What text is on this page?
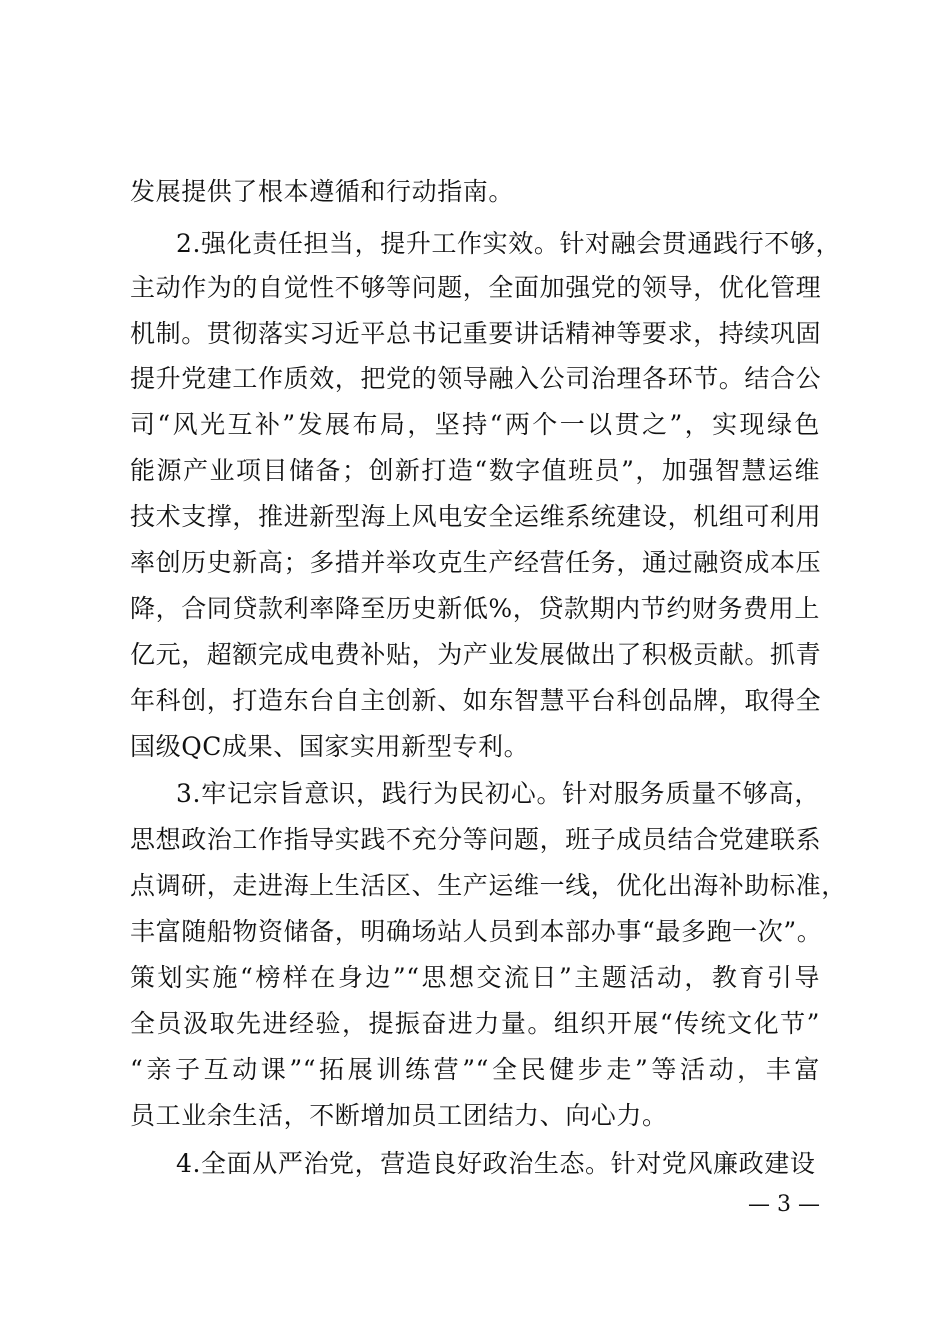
发展提供了根本遵循和行动指南。
2.强化责任担当，提升工作实效。针对融会贯通践行不够，
主动作为的自觉性不够等问题，全面加强党的领导，优化管理
机制。贯彻落实习近平总书记重要讲话精神等要求，持续巩固
提升党建工作质效，把党的领导融入公司治理各环节。结合公
司“风光互补”发展布局，坚持“两个一以贯之”，实现绿色
能源产业项目储备；创新打造“数字值班员”，加强智慧运维
技术支撑，推进新型海上风电安全运维系统建设，机组可利用
率创历史新高；多措并举攻克生产经营任务，通过融资成本压
降，合同贷款利率降至历史新低%，贷款期内节约财务费用上
亿元，超额完成电费补贴，为产业发展做出了积极贡献。抓青
年科创，打造东台自主创新、如东智慧平台科创品牌，取得全
国级QC成果、国家实用新型专利。
3.牢记宗旨意识，践行为民初心。针对服务质量不够高，
思想政治工作指导实践不充分等问题，班子成员结合党建联系
点调研，走进海上生活区、生产运维一线，优化出海补助标准，
丰富随船物资储备，明确场站人员到本部办事“最多跑一次”。
策划实施“榜样在身边”“思想交流日”主题活动，教育引导
全员汲取先进经验，提振奋进力量。组织开展“传统文化节”
“亲子互动课”“拓展训练营”“全民健步走”等活动，丰富
员工业余生活，不断增加员工团结力、向心力。
4.全面从严治党，营造良好政治生态。针对党风廉政建设
— 3 —
